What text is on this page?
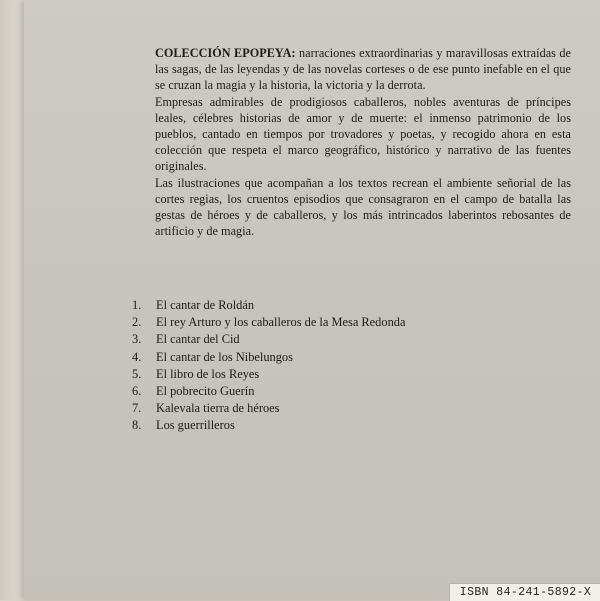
COLECCIÓN EPOPEYA: narraciones extraordinarias y maravillosas extraídas de las sagas, de las leyendas y de las novelas corteses o de ese punto inefable en el que se cruzan la magia y la historia, la victoria y la derrota.

Empresas admirables de prodigiosos caballeros, nobles aventuras de príncipes leales, célebres historias de amor y de muerte: el inmenso patrimonio de los pueblos, cantado en tiempos por trovadores y poetas, y recogido ahora en esta colección que respeta el marco geográfico, histórico y narrativo de las fuentes originales.

Las ilustraciones que acompañan a los textos recrean el ambiente señorial de las cortes regias, los cruentos episodios que consagraron en el campo de batalla las gestas de héroes y de caballeros, y los más intrincados laberintos rebosantes de artificio y de magia.

1.	El cantar de Roldán
2.	El rey Arturo y los caballeros de la Mesa Redonda
3.	El cantar del Cid
4.	El cantar de los Nibelungos
5.	El libro de los Reyes
6.	El pobrecito Guerín
7.	Kalevala tierra de héroes
8.	Los guerrilleros
ISBN 84-241-5892-X
